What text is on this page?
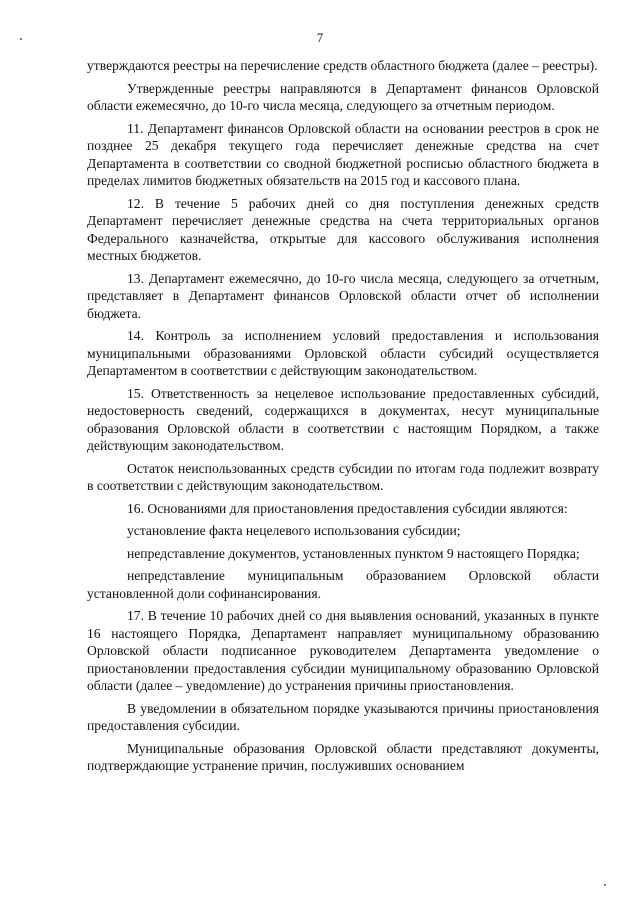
7

утверждаются реестры на перечисление средств областного бюджета (далее – реестры).

Утвержденные реестры направляются в Департамент финансов Орловской области ежемесячно, до 10-го числа месяца, следующего за отчетным периодом.

11. Департамент финансов Орловской области на основании реестров в срок не позднее 25 декабря текущего года перечисляет денежные средства на счет Департамента в соответствии со сводной бюджетной росписью областного бюджета в пределах лимитов бюджетных обязательств на 2015 год и кассового плана.

12. В течение 5 рабочих дней со дня поступления денежных средств Департамент перечисляет денежные средства на счета территориальных органов Федерального казначейства, открытые для кассового обслуживания исполнения местных бюджетов.

13. Департамент ежемесячно, до 10-го числа месяца, следующего за отчетным, представляет в Департамент финансов Орловской области отчет об исполнении бюджета.

14. Контроль за исполнением условий предоставления и использования муниципальными образованиями Орловской области субсидий осуществляется Департаментом в соответствии с действующим законодательством.

15. Ответственность за нецелевое использование предоставленных субсидий, недостоверность сведений, содержащихся в документах, несут муниципальные образования Орловской области в соответствии с настоящим Порядком, а также действующим законодательством.

Остаток неиспользованных средств субсидии по итогам года подлежит возврату в соответствии с действующим законодательством.

16. Основаниями для приостановления предоставления субсидии являются:

установление факта нецелевого использования субсидии;

непредставление документов, установленных пунктом 9 настоящего Порядка;

непредставление муниципальным образованием Орловской области установленной доли софинансирования.

17. В течение 10 рабочих дней со дня выявления оснований, указанных в пункте 16 настоящего Порядка, Департамент направляет муниципальному образованию Орловской области подписанное руководителем Департамента уведомление о приостановлении предоставления субсидии муниципальному образованию Орловской области (далее – уведомление) до устранения причины приостановления.

В уведомлении в обязательном порядке указываются причины приостановления предоставления субсидии.

Муниципальные образования Орловской области представляют документы, подтверждающие устранение причин, послуживших основанием
